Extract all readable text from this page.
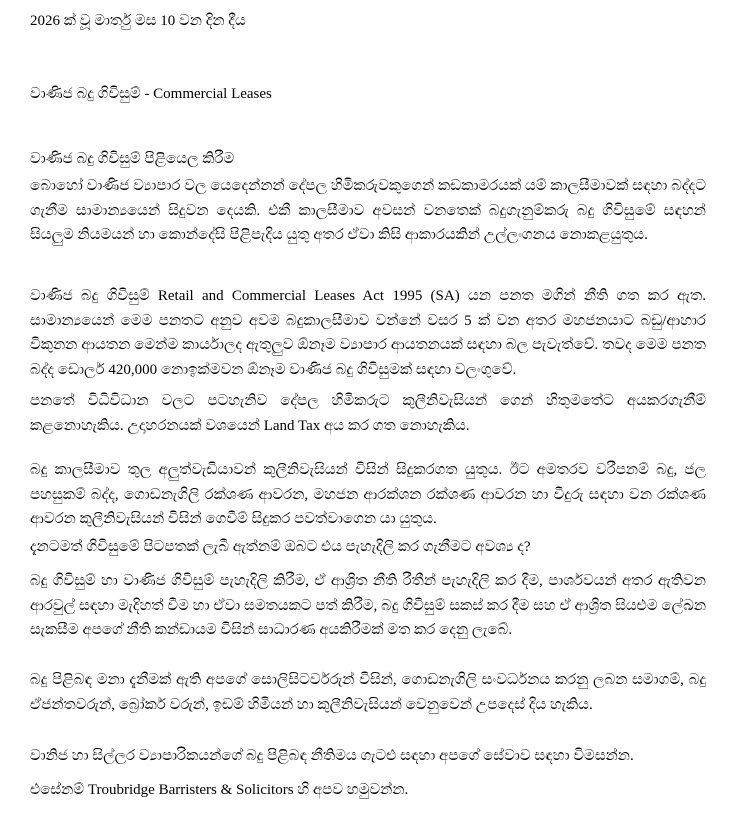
2026 ක් වූ මාර්තු මස 10 වන දින දීය

වාණිජ බදු ගිවිසුම් - Commercial Leases
වාණිජ බදු ගිවිසුම් පිළියෙල කිරීම

බොහෝ වාණිජ ව්‍යාපාර වල යෙදෙන්නන් දේපල හිමිකරුවකුගෙන් කඩකාමරයක් යම් කාලසීමාවක් සඳහා බද්දට ගැනීම සාමාන්‍යයෙන් සිදුවන දෙයකි. එකී කාලසීමාව අවසන් වනතෙක් බදුගැනුම්කරු බදු ගිවිසුමේ සඳහන් සියලුම නියමයන් හා කොන්දේසි පිළිපැදිය යුතු අතර ඒවා කිසි ආකාරයකින් උල්ලංගනය නොකළයුතුය.

වාණිජ බදු ගිවිසුම් Retail and Commercial Leases Act 1995 (SA) යන පනත මගින් නීති ගත කර ඇත. සාමාන්‍යයෙන් මෙම පනතට අනුව අවම බදුකාලසීමාව වන්නේ වසර 5 ක් වන අතර මහජනයාට බඩු/ආහාර විකුනන ආයතන මෙන්ම කාර්යාලද ඇතුලුව ඕනෑම ව්‍යාපාර ආයතනයක් සඳහා බල පැවැත්වේ. තවද මෙම පනත බද්ද ඩොලර් 420,000 නොඉක්මවන ඕනෑම වාණිජ බදු ගිවිසුමක් සඳහා වලංගුවේ.

පනතේ විධිවිධාන වලට පටහැනිව දේපල හිමිකරුට කුලීනිවැසියන් ගෙන් හිතුමතේට අයකරගැනීම් කළනොහැකිය. උදාහරනයක් වශයෙන් Land Tax අය කර ගත නොහැකිය.

බදු කාලසීමාව තුල අලුත්වැඩියාවන් කුලීනිවැසියන් විසින් සිදුකරගත යුතුය. ඊට අමතරව වරීපනම් බදු, ජල පහසුකම් බද්ද, ගොඩනැගිලි රක්ශණ ආවරන, මහජන ආරක්ශන රක්ශණ ආවරන හා වීදුරු සඳහා වන රක්ශණ ආවරන කුලීනිවැසියන් විසින් ගෙවීම් සිදුකර පවත්වාගෙන යා යුතුය.

දැනටමත් ගිවිසුමේ පිටපතක් ලැබී ඇත්නම් ඔබට එය පැහැදිලි කර ගැනීමට අවශ්‍ය ද?

බදු ගිවිසුම් හා වාණිජ ගිවිසුම් පැහැදිලි කිරීම, ඒ ආශ්‍රිත නීති රීතීන් පැහැදිලි කර දීම, පාර්ශවයන් අතර ඇතිවන ආරවුල් සඳහා මැදිහත් වීම හා ඒවා සමතයකට පත් කිරීම, බදු ගිවිසුම් සකස් කර දීම සහ ඒ ආශ්‍රිත සියළුම ලේඛන සැකසීම අපගේ නීති කන්ඩායම විසින් සාධාරණ අයකිරීමක් මත කර දෙනු ලැබේ.

බදු පිළිබඳ මනා දැනීමක් ඇති අපගේ සොලිසිටර්වරුන් විසින්, ගොඩනැගිලි සංවර්ධනය කරනු ලබන සමාගම්, බදු ඒජන්තවරුන්, බ්‍රෝකර් වරුන්, ඉඩම් හිමියන් හා කුලීනිවැසියන් වෙනුවෙන් උපදෙස් දිය හැකිය.

වානිජ හා සිල්ලර ව්‍යාපාරිකයන්ගේ බදු පිළිබඳ නීතිමය ගැටළු සඳහා අපගේ සේවාව සඳහා විමසන්න.

එසේනම් Troubridge Barristers & Solicitors හි අපව හමුවන්න.
